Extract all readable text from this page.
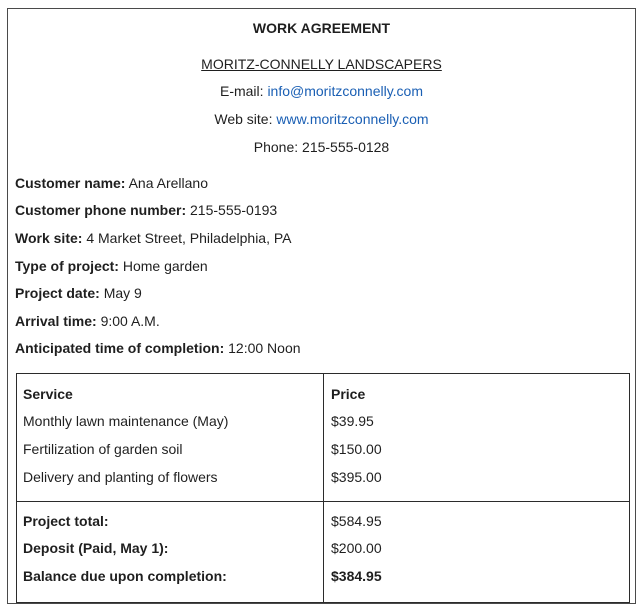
WORK AGREEMENT
MORITZ-CONNELLY LANDSCAPERS
E-mail: info@moritzconnelly.com
Web site: www.moritzconnelly.com
Phone: 215-555-0128
Customer name: Ana Arellano
Customer phone number: 215-555-0193
Work site: 4 Market Street, Philadelphia, PA
Type of project: Home garden
Project date: May 9
Arrival time: 9:00 A.M.
Anticipated time of completion: 12:00 Noon
Service	Price
Monthly lawn maintenance (May)	$39.95
Fertilization of garden soil	$150.00
Delivery and planting of flowers	$395.00
Project total:	$584.95
Deposit (Paid, May 1):	$200.00
Balance due upon completion:	$384.95
